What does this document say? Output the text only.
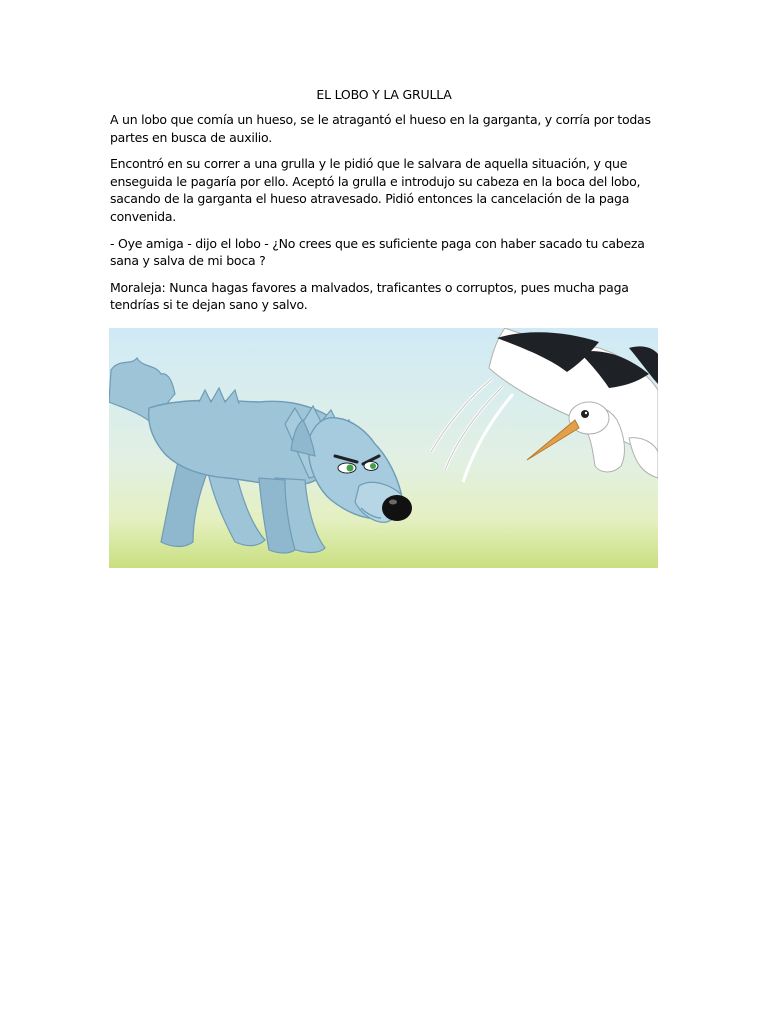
EL LOBO Y LA GRULLA

A un lobo que comía un hueso, se le atragantó el hueso en la garganta, y corría por todas partes en busca de auxilio.

Encontró en su correr a una grulla y le pidió que le salvara de aquella situación, y que enseguida le pagaría por ello. Aceptó la grulla e introdujo su cabeza en la boca del lobo, sacando de la garganta el hueso atravesado. Pidió entonces la cancelación de la paga convenida.

- Oye amiga - dijo el lobo - ¿No crees que es suficiente paga con haber sacado tu cabeza sana y salva de mi boca ?

Moraleja: Nunca hagas favores a malvados, traficantes o corruptos, pues mucha paga tendrías si te dejan sano y salvo.
